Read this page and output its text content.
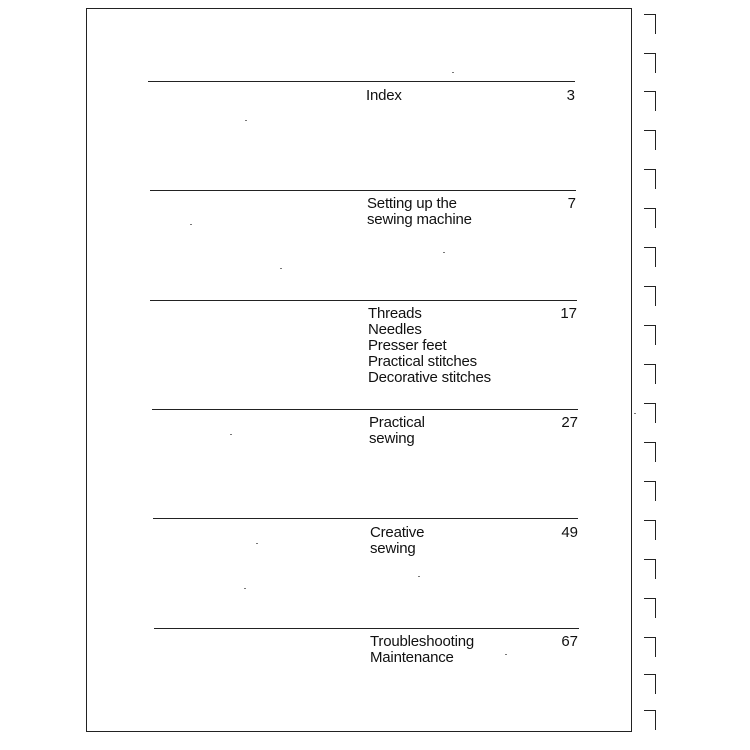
Index	3
Setting up the
sewing machine
7
Threads
Needles
Presser feet
Practical stitches
Decorative stitches
17
Practical
sewing
27
Creative
sewing
49
Troubleshooting
Maintenance
67
